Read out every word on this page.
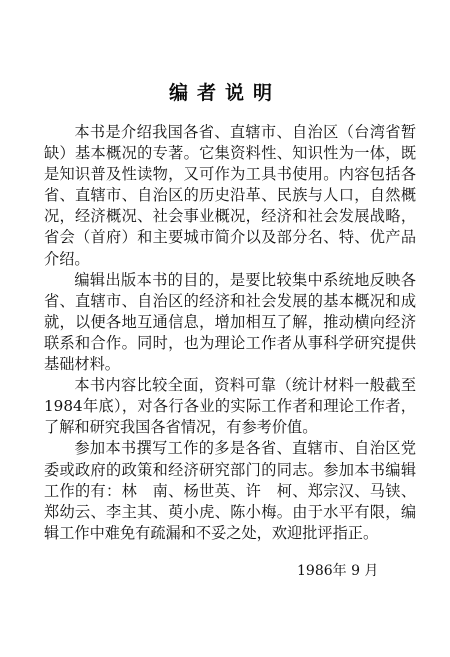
编者说明

本书是介绍我国各省、直辖市、自治区（台湾省暂缺）基本概况的专著。它集资料性、知识性为一体，既是知识普及性读物，又可作为工具书使用。内容包括各省、直辖市、自治区的历史沿革、民族与人口，自然概况，经济概况、社会事业概况，经济和社会发展战略，省会（首府）和主要城市简介以及部分名、特、优产品介绍。

编辑出版本书的目的，是要比较集中系统地反映各省、直辖市、自治区的经济和社会发展的基本概况和成就，以便各地互通信息，增加相互了解，推动横向经济联系和合作。同时，也为理论工作者从事科学研究提供基础材料。

本书内容比较全面，资料可靠（统计材料一般截至1984年底），对各行各业的实际工作者和理论工作者，了解和研究我国各省情况，有参考价值。

参加本书撰写工作的多是各省、直辖市、自治区党委或政府的政策和经济研究部门的同志。参加本书编辑工作的有：林　南、杨世英、许　柯、郑宗汉、马铗、郑幼云、李主其、萸小虎、陈小梅。由于水平有限，编辑工作中难免有疏漏和不妥之处，欢迎批评指正。

1986年 9 月
